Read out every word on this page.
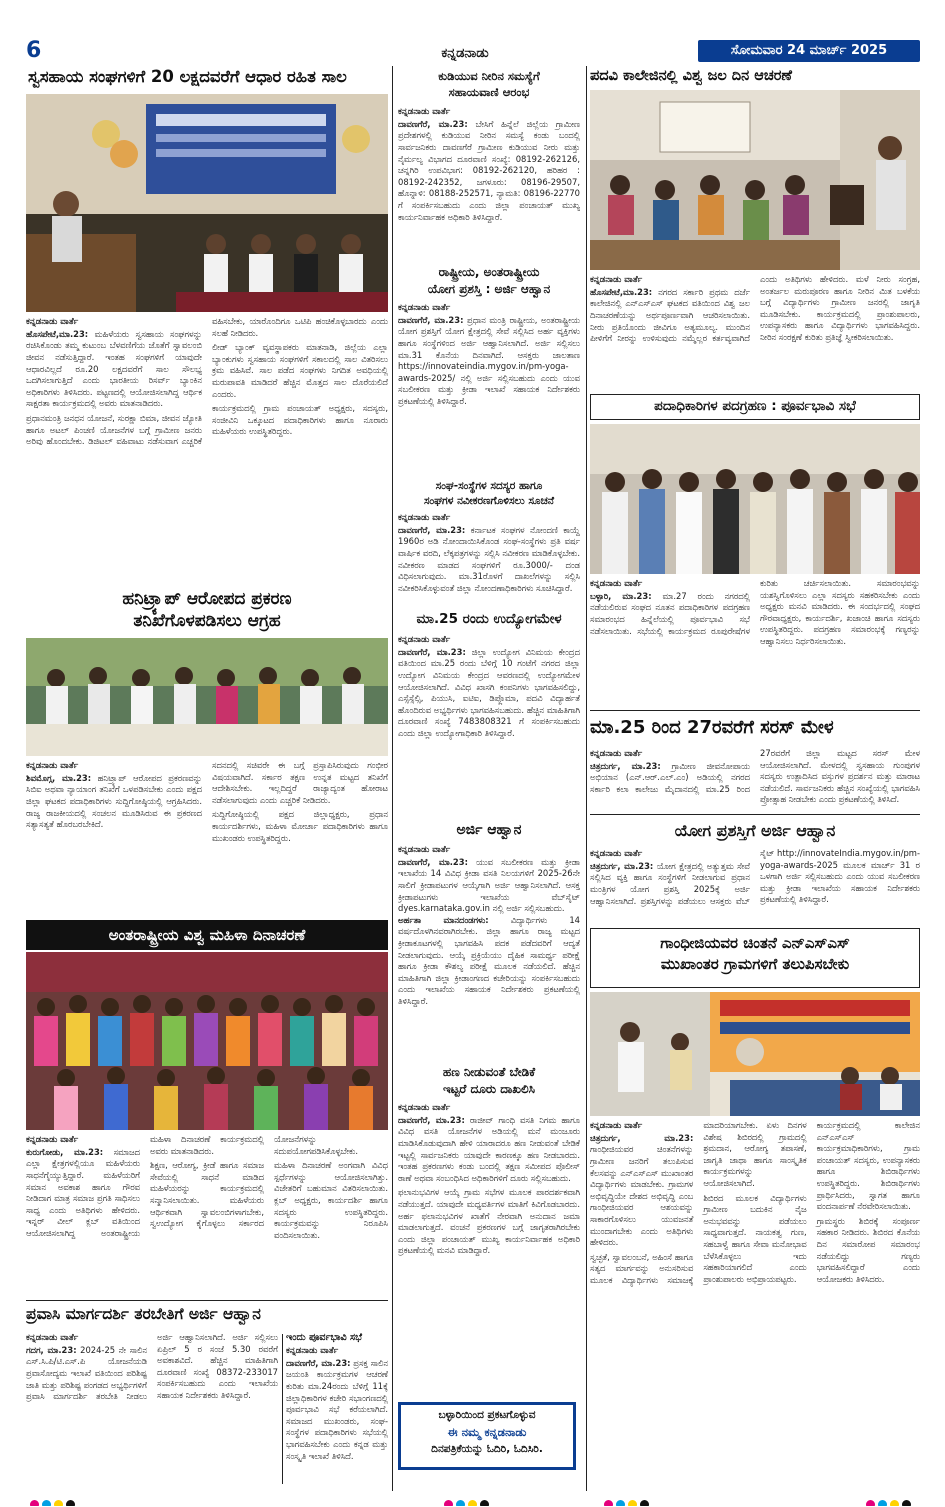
6	ಕನ್ನಡನಾಡು	ಸೋಮವಾರ 24 ಮಾರ್ಚ್ 2025
ಸ್ವಸಹಾಯ ಸಂಘಗಳಿಗೆ 20 ಲಕ್ಷದವರೆಗೆ ಆಧಾರ ರಹಿತ ಸಾಲ
ಕನ್ನಡನಾಡು ವಾರ್ತೆ
ಹೊಸಪೇಟೆ,ಮಾ.23: ಮಹಿಳೆಯರು ಸ್ವಸಹಾಯ ಸಂಘಗಳನ್ನು ರಚಿಸಿಕೊಂಡು ತಮ್ಮ ಕುಟುಂಬ ಬೆಳವಣಿಗೆಯ ಜೊತೆಗೆ ಸ್ವಾವಲಂಬಿ ಜೀವನ ನಡೆಸುತ್ತಿದ್ದಾರೆ. ಇಂತಹ ಸಂಘಗಳಿಗೆ ಯಾವುದೇ ಆಧಾರವಿಲ್ಲದೆ ರೂ.20 ಲಕ್ಷದವರೆಗೆ ಸಾಲ ಸೌಲಭ್ಯ ಒದಗಿಸಲಾಗುತ್ತಿದೆ ಎಂದು ಭಾರತೀಯ ರಿಸರ್ವ್ ಬ್ಯಾಂಕಿನ ಅಧಿಕಾರಿಗಳು ತಿಳಿಸಿದರು. ಪಟ್ಟಣದಲ್ಲಿ ಆಯೋಜಿಸಲಾಗಿದ್ದ ಆರ್ಥಿಕ ಸಾಕ್ಷರತಾ ಕಾರ್ಯಕ್ರಮದಲ್ಲಿ ಅವರು ಮಾತನಾಡಿದರು.

ಪ್ರಧಾನಮಂತ್ರಿ ಜನಧನ ಯೋಜನೆ, ಸುರಕ್ಷಾ ಬಿಮಾ, ಜೀವನ ಜ್ಯೋತಿ ಹಾಗೂ ಅಟಲ್ ಪಿಂಚಣಿ ಯೋಜನೆಗಳ ಬಗ್ಗೆ ಗ್ರಾಮೀಣ ಜನರು ಅರಿವು ಹೊಂದಬೇಕು. ಡಿಜಿಟಲ್ ವಹಿವಾಟು ನಡೆಸುವಾಗ ಎಚ್ಚರಿಕೆ ವಹಿಸಬೇಕು, ಯಾರೊಂದಿಗೂ ಒಟಿಪಿ ಹಂಚಿಕೊಳ್ಳಬಾರದು ಎಂದು ಸಲಹೆ ನೀಡಿದರು.

ಲೀಡ್ ಬ್ಯಾಂಕ್ ವ್ಯವಸ್ಥಾಪಕರು ಮಾತನಾಡಿ, ಜಿಲ್ಲೆಯ ಎಲ್ಲಾ ಬ್ಯಾಂಕುಗಳು ಸ್ವಸಹಾಯ ಸಂಘಗಳಿಗೆ ಸಕಾಲದಲ್ಲಿ ಸಾಲ ವಿತರಿಸಲು ಕ್ರಮ ವಹಿಸಿವೆ. ಸಾಲ ಪಡೆದ ಸಂಘಗಳು ನಿಗದಿತ ಅವಧಿಯಲ್ಲಿ ಮರುಪಾವತಿ ಮಾಡಿದರೆ ಹೆಚ್ಚಿನ ಮೊತ್ತದ ಸಾಲ ದೊರೆಯಲಿದೆ ಎಂದರು.

ಕಾರ್ಯಕ್ರಮದಲ್ಲಿ ಗ್ರಾಮ ಪಂಚಾಯತ್ ಅಧ್ಯಕ್ಷರು, ಸದಸ್ಯರು, ಸಂಜೀವಿನಿ ಒಕ್ಕೂಟದ ಪದಾಧಿಕಾರಿಗಳು ಹಾಗೂ ನೂರಾರು ಮಹಿಳೆಯರು ಉಪಸ್ಥಿತರಿದ್ದರು.

ಕುಡಿಯುವ ನೀರಿನ ಸಮಸ್ಯೆಗೆ
ಸಹಾಯವಾಣಿ ಆರಂಭ
ಕನ್ನಡನಾಡು ವಾರ್ತೆ
ದಾವಣಗೆರೆ, ಮಾ.23: ಬೇಸಿಗೆ ಹಿನ್ನೆಲೆ ಜಿಲ್ಲೆಯ ಗ್ರಾಮೀಣ ಪ್ರದೇಶಗಳಲ್ಲಿ ಕುಡಿಯುವ ನೀರಿನ ಸಮಸ್ಯೆ ಕಂಡು ಬಂದಲ್ಲಿ ಸಾರ್ವಜನಿಕರು ದಾವಣಗೆರೆ ಗ್ರಾಮೀಣ ಕುಡಿಯುವ ನೀರು ಮತ್ತು ನೈರ್ಮಲ್ಯ ವಿಭಾಗದ ದೂರವಾಣಿ ಸಂಖ್ಯೆ: 08192-262126, ಚನ್ನಗಿರಿ ಉಪವಿಭಾಗ: 08192-262120, ಹರಿಹರ : 08192-242352, ಜಗಳೂರು: 08196-29507, ಹೊನ್ನಾಳಿ: 08188-252571, ನ್ಯಾಮತಿ: 08196-22770 ಗೆ ಸಂಪರ್ಕಿಸಬಹುದು ಎಂದು ಜಿಲ್ಲಾ ಪಂಚಾಯತ್ ಮುಖ್ಯ ಕಾರ್ಯನಿರ್ವಾಹಕ ಅಧಿಕಾರಿ ತಿಳಿಸಿದ್ದಾರೆ.
ರಾಷ್ಟ್ರೀಯ, ಅಂತರಾಷ್ಟ್ರೀಯ
ಯೋಗ ಪ್ರಶಸ್ತಿ : ಅರ್ಜಿ ಆಹ್ವಾನ
ಕನ್ನಡನಾಡು ವಾರ್ತೆ
ದಾವಣಗೆರೆ, ಮಾ.23: ಪ್ರಧಾನ ಮಂತ್ರಿ ರಾಷ್ಟ್ರೀಯ, ಅಂತರಾಷ್ಟ್ರೀಯ ಯೋಗ ಪ್ರಶಸ್ತಿಗೆ ಯೋಗ ಕ್ಷೇತ್ರದಲ್ಲಿ ಸೇವೆ ಸಲ್ಲಿಸಿದ ಅರ್ಹ ವ್ಯಕ್ತಿಗಳು ಹಾಗೂ ಸಂಸ್ಥೆಗಳಿಂದ ಅರ್ಜಿ ಆಹ್ವಾನಿಸಲಾಗಿದೆ. ಅರ್ಜಿ ಸಲ್ಲಿಸಲು ಮಾ.31 ಕೊನೆಯ ದಿನವಾಗಿದೆ. ಆಸಕ್ತರು ಜಾಲತಾಣ https://innovateindia.mygov.in/pm-yoga-awards-2025/ ನಲ್ಲಿ ಅರ್ಜಿ ಸಲ್ಲಿಸಬಹುದು ಎಂದು ಯುವ ಸಬಲೀಕರಣ ಮತ್ತು ಕ್ರೀಡಾ ಇಲಾಖೆ ಸಹಾಯಕ ನಿರ್ದೇಶಕರು ಪ್ರಕಟಣೆಯಲ್ಲಿ ತಿಳಿಸಿದ್ದಾರೆ.
ಸಂಘ-ಸಂಸ್ಥೆಗಳ ಸದಸ್ಯರ ಹಾಗೂ
ಸಂಘಗಳ ನವೀಕರಣಗೊಳಿಸಲು ಸೂಚನೆ
ಕನ್ನಡನಾಡು ವಾರ್ತೆ
ದಾವಣಗೆರೆ, ಮಾ.23: ಕರ್ನಾಟಕ ಸಂಘಗಳ ನೋಂದಣಿ ಕಾಯ್ದೆ 1960ರ ಅಡಿ ನೋಂದಾಯಿಸಿಕೊಂಡ ಸಂಘ-ಸಂಸ್ಥೆಗಳು ಪ್ರತಿ ವರ್ಷ ವಾರ್ಷಿಕ ವರದಿ, ಲೆಕ್ಕಪತ್ರಗಳನ್ನು ಸಲ್ಲಿಸಿ ನವೀಕರಣ ಮಾಡಿಕೊಳ್ಳಬೇಕು. ನವೀಕರಣ ಮಾಡದ ಸಂಘಗಳಿಗೆ ರೂ.3000/- ದಂಡ ವಿಧಿಸಲಾಗುವುದು. ಮಾ.31ರೊಳಗೆ ದಾಖಲೆಗಳನ್ನು ಸಲ್ಲಿಸಿ ನವೀಕರಿಸಿಕೊಳ್ಳುವಂತೆ ಜಿಲ್ಲಾ ನೋಂದಣಾಧಿಕಾರಿಗಳು ಸೂಚಿಸಿದ್ದಾರೆ.
ಮಾ.25 ರಂದು ಉದ್ಯೋಗಮೇಳ
ಕನ್ನಡನಾಡು ವಾರ್ತೆ
ದಾವಣಗೆರೆ, ಮಾ.23: ಜಿಲ್ಲಾ ಉದ್ಯೋಗ ವಿನಿಮಯ ಕೇಂದ್ರದ ವತಿಯಿಂದ ಮಾ.25 ರಂದು ಬೆಳಿಗ್ಗೆ 10 ಗಂಟೆಗೆ ನಗರದ ಜಿಲ್ಲಾ ಉದ್ಯೋಗ ವಿನಿಮಯ ಕೇಂದ್ರದ ಆವರಣದಲ್ಲಿ ಉದ್ಯೋಗಮೇಳ ಆಯೋಜಿಸಲಾಗಿದೆ. ವಿವಿಧ ಖಾಸಗಿ ಕಂಪನಿಗಳು ಭಾಗವಹಿಸಲಿದ್ದು, ಎಸ್ಸೆಸ್ಸೆಲ್ಸಿ, ಪಿಯುಸಿ, ಐಟಿಐ, ಡಿಪ್ಲೊಮಾ, ಪದವಿ ವಿದ್ಯಾರ್ಹತೆ ಹೊಂದಿರುವ ಅಭ್ಯರ್ಥಿಗಳು ಭಾಗವಹಿಸಬಹುದು. ಹೆಚ್ಚಿನ ಮಾಹಿತಿಗಾಗಿ ದೂರವಾಣಿ ಸಂಖ್ಯೆ 7483808321 ಗೆ ಸಂಪರ್ಕಿಸಬಹುದು ಎಂದು ಜಿಲ್ಲಾ ಉದ್ಯೋಗಾಧಿಕಾರಿ ತಿಳಿಸಿದ್ದಾರೆ.
ಅರ್ಜಿ ಆಹ್ವಾನ
ಕನ್ನಡನಾಡು ವಾರ್ತೆ
ದಾವಣಗೆರೆ, ಮಾ.23: ಯುವ ಸಬಲೀಕರಣ ಮತ್ತು ಕ್ರೀಡಾ ಇಲಾಖೆಯ 14 ವಿವಿಧ ಕ್ರೀಡಾ ವಸತಿ ನಿಲಯಗಳಿಗೆ 2025-26ನೇ ಸಾಲಿಗೆ ಕ್ರೀಡಾಪಟುಗಳ ಆಯ್ಕೆಗಾಗಿ ಅರ್ಜಿ ಆಹ್ವಾನಿಸಲಾಗಿದೆ. ಆಸಕ್ತ ಕ್ರೀಡಾಪಟುಗಳು ಇಲಾಖೆಯ ವೆಬ್‌ಸೈಟ್ dyes.karnataka.gov.in ನಲ್ಲಿ ಅರ್ಜಿ ಸಲ್ಲಿಸಬಹುದು.
ಅರ್ಹತಾ ಮಾನದಂಡಗಳು:	ವಿದ್ಯಾರ್ಥಿಗಳು 14 ವರ್ಷದೊಳಗಿನವರಾಗಿರಬೇಕು. ಜಿಲ್ಲಾ ಹಾಗೂ ರಾಜ್ಯ ಮಟ್ಟದ ಕ್ರೀಡಾಕೂಟಗಳಲ್ಲಿ ಭಾಗವಹಿಸಿ ಪದಕ ಪಡೆದವರಿಗೆ ಆದ್ಯತೆ ನೀಡಲಾಗುವುದು. ಆಯ್ಕೆ ಪ್ರಕ್ರಿಯೆಯು ದೈಹಿಕ ಸಾಮರ್ಥ್ಯ ಪರೀಕ್ಷೆ ಹಾಗೂ ಕ್ರೀಡಾ ಕೌಶಲ್ಯ ಪರೀಕ್ಷೆ ಮೂಲಕ ನಡೆಯಲಿದೆ. ಹೆಚ್ಚಿನ ಮಾಹಿತಿಗಾಗಿ ಜಿಲ್ಲಾ ಕ್ರೀಡಾಂಗಣದ ಕಚೇರಿಯನ್ನು ಸಂಪರ್ಕಿಸಬಹುದು ಎಂದು ಇಲಾಖೆಯ ಸಹಾಯಕ ನಿರ್ದೇಶಕರು ಪ್ರಕಟಣೆಯಲ್ಲಿ ತಿಳಿಸಿದ್ದಾರೆ.
ಹಣ ನೀಡುವಂತೆ ಬೇಡಿಕೆ
ಇಟ್ಟರೆ ದೂರು ದಾಖಲಿಸಿ
ಕನ್ನಡನಾಡು ವಾರ್ತೆ
ದಾವಣಗೆರೆ, ಮಾ.23: ರಾಜೀವ್ ಗಾಂಧಿ ವಸತಿ ನಿಗಮ ಹಾಗೂ ವಿವಿಧ ವಸತಿ ಯೋಜನೆಗಳ ಅಡಿಯಲ್ಲಿ ಮನೆ ಮಂಜೂರು ಮಾಡಿಸಿಕೊಡುವುದಾಗಿ ಹೇಳಿ ಯಾರಾದರೂ ಹಣ ನೀಡುವಂತೆ ಬೇಡಿಕೆ ಇಟ್ಟಲ್ಲಿ ಸಾರ್ವಜನಿಕರು ಯಾವುದೇ ಕಾರಣಕ್ಕೂ ಹಣ ನೀಡಬಾರದು. ಇಂತಹ ಪ್ರಕರಣಗಳು ಕಂಡು ಬಂದಲ್ಲಿ ತಕ್ಷಣ ಸಮೀಪದ ಪೊಲೀಸ್ ಠಾಣೆ ಅಥವಾ ಸಂಬಂಧಿಸಿದ ಅಧಿಕಾರಿಗಳಿಗೆ ದೂರು ಸಲ್ಲಿಸಬಹುದು.

ಫಲಾನುಭವಿಗಳ ಆಯ್ಕೆ ಗ್ರಾಮ ಸಭೆಗಳ ಮೂಲಕ ಪಾರದರ್ಶಕವಾಗಿ ನಡೆಯುತ್ತದೆ. ಯಾವುದೇ ಮಧ್ಯವರ್ತಿಗಳ ಮಾತಿಗೆ ಕಿವಿಗೊಡಬಾರದು. ಅರ್ಹ ಫಲಾನುಭವಿಗಳ ಖಾತೆಗೆ ನೇರವಾಗಿ ಅನುದಾನ ಜಮಾ ಮಾಡಲಾಗುತ್ತದೆ. ವಂಚನೆ ಪ್ರಕರಣಗಳ ಬಗ್ಗೆ ಜಾಗೃತರಾಗಿರಬೇಕು ಎಂದು ಜಿಲ್ಲಾ ಪಂಚಾಯತ್ ಮುಖ್ಯ ಕಾರ್ಯನಿರ್ವಾಹಕ ಅಧಿಕಾರಿ ಪ್ರಕಟಣೆಯಲ್ಲಿ ಮನವಿ ಮಾಡಿದ್ದಾರೆ.

ಬಳ್ಳಾರಿಯಿಂದ ಪ್ರಕಟಗೊಳ್ಳುವ
ಈ ನಮ್ಮ ಕನ್ನಡನಾಡು
ದಿನಪತ್ರಿಕೆಯನ್ನು ಓದಿರಿ, ಓದಿಸಿರಿ.
ಪದವಿ ಕಾಲೇಜಿನಲ್ಲಿ ವಿಶ್ವ ಜಲ ದಿನ ಆಚರಣೆ
ಕನ್ನಡನಾಡು ವಾರ್ತೆ
ಹೊಸಪೇಟೆ,ಮಾ.23: ನಗರದ ಸರ್ಕಾರಿ ಪ್ರಥಮ ದರ್ಜೆ ಕಾಲೇಜಿನಲ್ಲಿ ಎನ್‌ಎಸ್‌ಎಸ್ ಘಟಕದ ವತಿಯಿಂದ ವಿಶ್ವ ಜಲ ದಿನಾಚರಣೆಯನ್ನು ಅರ್ಥಪೂರ್ಣವಾಗಿ ಆಚರಿಸಲಾಯಿತು. ನೀರು ಪ್ರತಿಯೊಂದು ಜೀವಿಗೂ ಅತ್ಯಮೂಲ್ಯ. ಮುಂದಿನ ಪೀಳಿಗೆಗೆ ನೀರನ್ನು ಉಳಿಸುವುದು ನಮ್ಮೆಲ್ಲರ ಕರ್ತವ್ಯವಾಗಿದೆ ಎಂದು ಅತಿಥಿಗಳು ಹೇಳಿದರು. ಮಳೆ ನೀರು ಸಂಗ್ರಹ, ಅಂತರ್ಜಲ ಮರುಪೂರಣ ಹಾಗೂ ನೀರಿನ ಮಿತ ಬಳಕೆಯ ಬಗ್ಗೆ ವಿದ್ಯಾರ್ಥಿಗಳು ಗ್ರಾಮೀಣ ಜನರಲ್ಲಿ ಜಾಗೃತಿ ಮೂಡಿಸಬೇಕು. ಕಾರ್ಯಕ್ರಮದಲ್ಲಿ ಪ್ರಾಂಶುಪಾಲರು, ಉಪನ್ಯಾಸಕರು ಹಾಗೂ ವಿದ್ಯಾರ್ಥಿಗಳು ಭಾಗವಹಿಸಿದ್ದರು. ನೀರಿನ ಸಂರಕ್ಷಣೆ ಕುರಿತು ಪ್ರತಿಜ್ಞೆ ಸ್ವೀಕರಿಸಲಾಯಿತು.
ಪದಾಧಿಕಾರಿಗಳ ಪದಗ್ರಹಣ : ಪೂರ್ವಭಾವಿ ಸಭೆ
ಕನ್ನಡನಾಡು ವಾರ್ತೆ
ಬಳ್ಳಾರಿ, ಮಾ.23: ಮಾ.27 ರಂದು ನಗರದಲ್ಲಿ ನಡೆಯಲಿರುವ ಸಂಘದ ನೂತನ ಪದಾಧಿಕಾರಿಗಳ ಪದಗ್ರಹಣ ಸಮಾರಂಭದ ಹಿನ್ನೆಲೆಯಲ್ಲಿ ಪೂರ್ವಭಾವಿ ಸಭೆ ನಡೆಸಲಾಯಿತು. ಸಭೆಯಲ್ಲಿ ಕಾರ್ಯಕ್ರಮದ ರೂಪುರೇಷೆಗಳ ಕುರಿತು ಚರ್ಚಿಸಲಾಯಿತು. ಸಮಾರಂಭವನ್ನು ಯಶಸ್ವಿಗೊಳಿಸಲು ಎಲ್ಲಾ ಸದಸ್ಯರು ಸಹಕರಿಸಬೇಕು ಎಂದು ಅಧ್ಯಕ್ಷರು ಮನವಿ ಮಾಡಿದರು. ಈ ಸಂದರ್ಭದಲ್ಲಿ ಸಂಘದ ಗೌರವಾಧ್ಯಕ್ಷರು, ಕಾರ್ಯದರ್ಶಿ, ಖಜಾಂಚಿ ಹಾಗೂ ಸದಸ್ಯರು ಉಪಸ್ಥಿತರಿದ್ದರು. ಪದಗ್ರಹಣ ಸಮಾರಂಭಕ್ಕೆ ಗಣ್ಯರನ್ನು ಆಹ್ವಾನಿಸಲು ನಿರ್ಧರಿಸಲಾಯಿತು.
ಮಾ.25 ರಿಂದ 27ರವರೆಗೆ ಸರಸ್ ಮೇಳ
ಕನ್ನಡನಾಡು ವಾರ್ತೆ
ಚಿತ್ರದುರ್ಗ, ಮಾ.23: ಗ್ರಾಮೀಣ ಜೀವನೋಪಾಯ ಅಭಿಯಾನ (ಎನ್.ಆರ್.ಎಲ್.ಎಂ) ಅಡಿಯಲ್ಲಿ ನಗರದ ಸರ್ಕಾರಿ ಕಲಾ ಕಾಲೇಜು ಮೈದಾನದಲ್ಲಿ ಮಾ.25 ರಿಂದ 27ರವರೆಗೆ ಜಿಲ್ಲಾ ಮಟ್ಟದ ಸರಸ್ ಮೇಳ ಆಯೋಜಿಸಲಾಗಿದೆ. ಮೇಳದಲ್ಲಿ ಸ್ವಸಹಾಯ ಗುಂಪುಗಳ ಸದಸ್ಯರು ಉತ್ಪಾದಿಸಿದ ವಸ್ತುಗಳ ಪ್ರದರ್ಶನ ಮತ್ತು ಮಾರಾಟ ನಡೆಯಲಿದೆ. ಸಾರ್ವಜನಿಕರು ಹೆಚ್ಚಿನ ಸಂಖ್ಯೆಯಲ್ಲಿ ಭಾಗವಹಿಸಿ ಪ್ರೋತ್ಸಾಹ ನೀಡಬೇಕು ಎಂದು ಪ್ರಕಟಣೆಯಲ್ಲಿ ತಿಳಿಸಿದೆ.
ಯೋಗ ಪ್ರಶಸ್ತಿಗೆ ಅರ್ಜಿ ಆಹ್ವಾನ
ಕನ್ನಡನಾಡು ವಾರ್ತೆ
ಚಿತ್ರದುರ್ಗ, ಮಾ.23: ಯೋಗ ಕ್ಷೇತ್ರದಲ್ಲಿ ಅತ್ಯುತ್ತಮ ಸೇವೆ ಸಲ್ಲಿಸಿದ ವ್ಯಕ್ತಿ ಹಾಗೂ ಸಂಸ್ಥೆಗಳಿಗೆ ನೀಡಲಾಗುವ ಪ್ರಧಾನ ಮಂತ್ರಿಗಳ ಯೋಗ ಪ್ರಶಸ್ತಿ 2025ಕ್ಕೆ ಅರ್ಜಿ ಆಹ್ವಾನಿಸಲಾಗಿದೆ. ಪ್ರಶಸ್ತಿಗಳನ್ನು ಪಡೆಯಲು ಆಸಕ್ತರು ವೆಬ್ ಸೈಟ್ http://innovateIndia.mygov.in/pm-yoga-awards-2025 ಮೂಲಕ ಮಾರ್ಚ್ 31 ರ ಒಳಗಾಗಿ ಅರ್ಜಿ ಸಲ್ಲಿಸಬಹುದು ಎಂದು ಯುವ ಸಬಲೀಕರಣ ಮತ್ತು ಕ್ರೀಡಾ ಇಲಾಖೆಯ ಸಹಾಯಕ ನಿರ್ದೇಶಕರು ಪ್ರಕಟಣೆಯಲ್ಲಿ ತಿಳಿಸಿದ್ದಾರೆ.
ಗಾಂಧೀಜಿಯವರ ಚಿಂತನೆ ಎನ್‌ಎಸ್‌ಎಸ್
ಮುಖಾಂತರ ಗ್ರಾಮಗಳಿಗೆ ತಲುಪಿಸಬೇಕು
ಕನ್ನಡನಾಡು ವಾರ್ತೆ
ಚಿತ್ರದುರ್ಗ, ಮಾ.23: ಗಾಂಧೀಜಿಯವರ ಚಿಂತನೆಗಳನ್ನು ಗ್ರಾಮೀಣ ಜನರಿಗೆ ತಲುಪಿಸುವ ಕೆಲಸವನ್ನು ಎನ್‌ಎಸ್‌ಎಸ್ ಮುಖಾಂತರ ವಿದ್ಯಾರ್ಥಿಗಳು ಮಾಡಬೇಕು. ಗ್ರಾಮಗಳ ಅಭಿವೃದ್ಧಿಯೇ ದೇಶದ ಅಭಿವೃದ್ಧಿ ಎಂಬ ಗಾಂಧೀಜಿಯವರ ಆಶಯವನ್ನು ಸಾಕಾರಗೊಳಿಸಲು ಯುವಜನತೆ ಮುಂದಾಗಬೇಕು ಎಂದು ಅತಿಥಿಗಳು ಹೇಳಿದರು.

ಸ್ವಚ್ಛತೆ, ಸ್ವಾವಲಂಬನೆ, ಅಹಿಂಸೆ ಹಾಗೂ ಸತ್ಯದ ಮಾರ್ಗವನ್ನು ಅನುಸರಿಸುವ ಮೂಲಕ ವಿದ್ಯಾರ್ಥಿಗಳು ಸಮಾಜಕ್ಕೆ ಮಾದರಿಯಾಗಬೇಕು. ಏಳು ದಿನಗಳ ವಿಶೇಷ ಶಿಬಿರದಲ್ಲಿ ಗ್ರಾಮದಲ್ಲಿ ಶ್ರಮದಾನ, ಆರೋಗ್ಯ ತಪಾಸಣೆ, ಜಾಗೃತಿ ಜಾಥಾ ಹಾಗೂ ಸಾಂಸ್ಕೃತಿಕ ಕಾರ್ಯಕ್ರಮಗಳನ್ನು ಆಯೋಜಿಸಲಾಗಿದೆ.

ಶಿಬಿರದ ಮೂಲಕ ವಿದ್ಯಾರ್ಥಿಗಳು ಗ್ರಾಮೀಣ ಬದುಕಿನ ನೈಜ ಅನುಭವವನ್ನು ಪಡೆಯಲು ಸಾಧ್ಯವಾಗುತ್ತದೆ. ನಾಯಕತ್ವ ಗುಣ, ಸಹಬಾಳ್ವೆ ಹಾಗೂ ಸೇವಾ ಮನೋಭಾವ ಬೆಳೆಸಿಕೊಳ್ಳಲು ಇದು ಸಹಕಾರಿಯಾಗಲಿದೆ ಎಂದು ಪ್ರಾಂಶುಪಾಲರು ಅಭಿಪ್ರಾಯಪಟ್ಟರು.

ಕಾರ್ಯಕ್ರಮದಲ್ಲಿ ಕಾಲೇಜಿನ ಎನ್‌ಎಸ್‌ಎಸ್ ಕಾರ್ಯಕ್ರಮಾಧಿಕಾರಿಗಳು, ಗ್ರಾಮ ಪಂಚಾಯತ್ ಸದಸ್ಯರು, ಉಪನ್ಯಾಸಕರು ಹಾಗೂ ಶಿಬಿರಾರ್ಥಿಗಳು ಉಪಸ್ಥಿತರಿದ್ದರು. ಶಿಬಿರಾರ್ಥಿಗಳು ಪ್ರಾರ್ಥಿಸಿದರು, ಸ್ವಾಗತ ಹಾಗೂ ವಂದನಾರ್ಪಣೆ ನೆರವೇರಿಸಲಾಯಿತು.

ಗ್ರಾಮಸ್ಥರು ಶಿಬಿರಕ್ಕೆ ಸಂಪೂರ್ಣ ಸಹಕಾರ ನೀಡಿದರು. ಶಿಬಿರದ ಕೊನೆಯ ದಿನ ಸಮಾರೋಪ ಸಮಾರಂಭ ನಡೆಯಲಿದ್ದು ಗಣ್ಯರು ಭಾಗವಹಿಸಲಿದ್ದಾರೆ ಎಂದು ಆಯೋಜಕರು ತಿಳಿಸಿದರು.

ಹನಿಟ್ರ್ಯಾಪ್ ಆರೋಪದ ಪ್ರಕರಣ
ತನಿಖೆಗೊಳಪಡಿಸಲು ಆಗ್ರಹ
ಕನ್ನಡನಾಡು ವಾರ್ತೆ
ಶಿವಮೊಗ್ಗ, ಮಾ.23: ಹನಿಟ್ರ್ಯಾಪ್ ಆರೋಪದ ಪ್ರಕರಣವನ್ನು ಸಿಬಿಐ ಅಥವಾ ನ್ಯಾಯಾಂಗ ತನಿಖೆಗೆ ಒಳಪಡಿಸಬೇಕು ಎಂದು ಪಕ್ಷದ ಜಿಲ್ಲಾ ಘಟಕದ ಪದಾಧಿಕಾರಿಗಳು ಸುದ್ದಿಗೋಷ್ಠಿಯಲ್ಲಿ ಆಗ್ರಹಿಸಿದರು. ರಾಜ್ಯ ರಾಜಕೀಯದಲ್ಲಿ ಸಂಚಲನ ಮೂಡಿಸಿರುವ ಈ ಪ್ರಕರಣದ ಸತ್ಯಾಸತ್ಯತೆ ಹೊರಬರಬೇಕಿದೆ.

ಸದನದಲ್ಲಿ ಸಚಿವರೇ ಈ ಬಗ್ಗೆ ಪ್ರಸ್ತಾಪಿಸಿರುವುದು ಗಂಭೀರ ವಿಷಯವಾಗಿದೆ. ಸರ್ಕಾರ ತಕ್ಷಣ ಉನ್ನತ ಮಟ್ಟದ ತನಿಖೆಗೆ ಆದೇಶಿಸಬೇಕು. ಇಲ್ಲದಿದ್ದರೆ ರಾಜ್ಯಾದ್ಯಂತ ಹೋರಾಟ ನಡೆಸಲಾಗುವುದು ಎಂದು ಎಚ್ಚರಿಕೆ ನೀಡಿದರು.

ಸುದ್ದಿಗೋಷ್ಠಿಯಲ್ಲಿ ಪಕ್ಷದ ಜಿಲ್ಲಾಧ್ಯಕ್ಷರು, ಪ್ರಧಾನ ಕಾರ್ಯದರ್ಶಿಗಳು, ಮಹಿಳಾ ಮೋರ್ಚಾ ಪದಾಧಿಕಾರಿಗಳು ಹಾಗೂ ಮುಖಂಡರು ಉಪಸ್ಥಿತರಿದ್ದರು.

ಅಂತರಾಷ್ಟ್ರೀಯ ವಿಶ್ವ ಮಹಿಳಾ ದಿನಾಚರಣೆ
ಕನ್ನಡನಾಡು ವಾರ್ತೆ
ಕುರುಗೋಡು, ಮಾ.23: ಸಮಾಜದ ಎಲ್ಲಾ ಕ್ಷೇತ್ರಗಳಲ್ಲಿಯೂ ಮಹಿಳೆಯರು ಸಾಧನೆಗೈಯ್ಯುತ್ತಿದ್ದಾರೆ. ಮಹಿಳೆಯರಿಗೆ ಸಮಾನ ಅವಕಾಶ ಹಾಗೂ ಗೌರವ ನೀಡಿದಾಗ ಮಾತ್ರ ಸಮಾಜ ಪ್ರಗತಿ ಸಾಧಿಸಲು ಸಾಧ್ಯ ಎಂದು ಅತಿಥಿಗಳು ಹೇಳಿದರು. ಇನ್ನರ್ ವೀಲ್ ಕ್ಲಬ್ ವತಿಯಿಂದ ಆಯೋಜಿಸಲಾಗಿದ್ದ ಅಂತರಾಷ್ಟ್ರೀಯ ಮಹಿಳಾ ದಿನಾಚರಣೆ ಕಾರ್ಯಕ್ರಮದಲ್ಲಿ ಅವರು ಮಾತನಾಡಿದರು.

ಶಿಕ್ಷಣ, ಆರೋಗ್ಯ, ಕ್ರೀಡೆ ಹಾಗೂ ಸಮಾಜ ಸೇವೆಯಲ್ಲಿ ಸಾಧನೆ ಮಾಡಿದ ಮಹಿಳೆಯರನ್ನು ಕಾರ್ಯಕ್ರಮದಲ್ಲಿ ಸನ್ಮಾನಿಸಲಾಯಿತು. ಮಹಿಳೆಯರು ಆರ್ಥಿಕವಾಗಿ ಸ್ವಾವಲಂಬಿಗಳಾಗಬೇಕು, ಸ್ವಉದ್ಯೋಗ ಕೈಗೊಳ್ಳಲು ಸರ್ಕಾರದ ಯೋಜನೆಗಳನ್ನು ಸದುಪಯೋಗಪಡಿಸಿಕೊಳ್ಳಬೇಕು.

ಮಹಿಳಾ ದಿನಾಚರಣೆ ಅಂಗವಾಗಿ ವಿವಿಧ ಸ್ಪರ್ಧೆಗಳನ್ನು ಆಯೋಜಿಸಲಾಗಿತ್ತು. ವಿಜೇತರಿಗೆ ಬಹುಮಾನ ವಿತರಿಸಲಾಯಿತು. ಕ್ಲಬ್ ಅಧ್ಯಕ್ಷರು, ಕಾರ್ಯದರ್ಶಿ ಹಾಗೂ ಸದಸ್ಯರು ಉಪಸ್ಥಿತರಿದ್ದರು. ಕಾರ್ಯಕ್ರಮವನ್ನು ನಿರೂಪಿಸಿ ವಂದಿಸಲಾಯಿತು.

ಪ್ರವಾಸಿ ಮಾರ್ಗದರ್ಶಿ ತರಬೇತಿಗೆ ಅರ್ಜಿ ಆಹ್ವಾನ
ಕನ್ನಡನಾಡು ವಾರ್ತೆ
ಗದಗ, ಮಾ.23: 2024-25 ನೇ ಸಾಲಿನ ಎಸ್.ಸಿ.ಪಿ/ಟಿ.ಎಸ್.ಪಿ ಯೋಜನೆಯಡಿ ಪ್ರವಾಸೋದ್ಯಮ ಇಲಾಖೆ ವತಿಯಿಂದ ಪರಿಶಿಷ್ಟ ಜಾತಿ ಮತ್ತು ಪರಿಶಿಷ್ಟ ಪಂಗಡದ ಅಭ್ಯರ್ಥಿಗಳಿಗೆ ಪ್ರವಾಸಿ ಮಾರ್ಗದರ್ಶಿ ತರಬೇತಿ ನೀಡಲು ಅರ್ಜಿ ಆಹ್ವಾನಿಸಲಾಗಿದೆ. ಅರ್ಜಿ ಸಲ್ಲಿಸಲು ಏಪ್ರಿಲ್ 5 ರ ಸಂಜೆ 5.30 ರವರೆಗೆ ಅವಕಾಶವಿದೆ. ಹೆಚ್ಚಿನ ಮಾಹಿತಿಗಾಗಿ ದೂರವಾಣಿ ಸಂಖ್ಯೆ 08372-233017 ಸಂಪರ್ಕಿಸಬಹುದು ಎಂದು ಇಲಾಖೆಯ ಸಹಾಯಕ ನಿರ್ದೇಶಕರು ತಿಳಿಸಿದ್ದಾರೆ.
ಇಂದು ಪೂರ್ವಭಾವಿ ಸಭೆ
ಕನ್ನಡನಾಡು ವಾರ್ತೆ
ದಾವಣಗೆರೆ, ಮಾ.23: ಪ್ರಸಕ್ತ ಸಾಲಿನ ಜಯಂತಿ ಕಾರ್ಯಕ್ರಮಗಳ ಆಚರಣೆ ಕುರಿತು ಮಾ.24ರಂದು ಬೆಳಿಗ್ಗೆ 11ಕ್ಕೆ ಜಿಲ್ಲಾಧಿಕಾರಿಗಳ ಕಚೇರಿ ಸಭಾಂಗಣದಲ್ಲಿ ಪೂರ್ವಭಾವಿ ಸಭೆ ಕರೆಯಲಾಗಿದೆ. ಸಮಾಜದ ಮುಖಂಡರು, ಸಂಘ-ಸಂಸ್ಥೆಗಳ ಪದಾಧಿಕಾರಿಗಳು ಸಭೆಯಲ್ಲಿ ಭಾಗವಹಿಸಬೇಕು ಎಂದು ಕನ್ನಡ ಮತ್ತು ಸಂಸ್ಕೃತಿ ಇಲಾಖೆ ತಿಳಿಸಿದೆ.
